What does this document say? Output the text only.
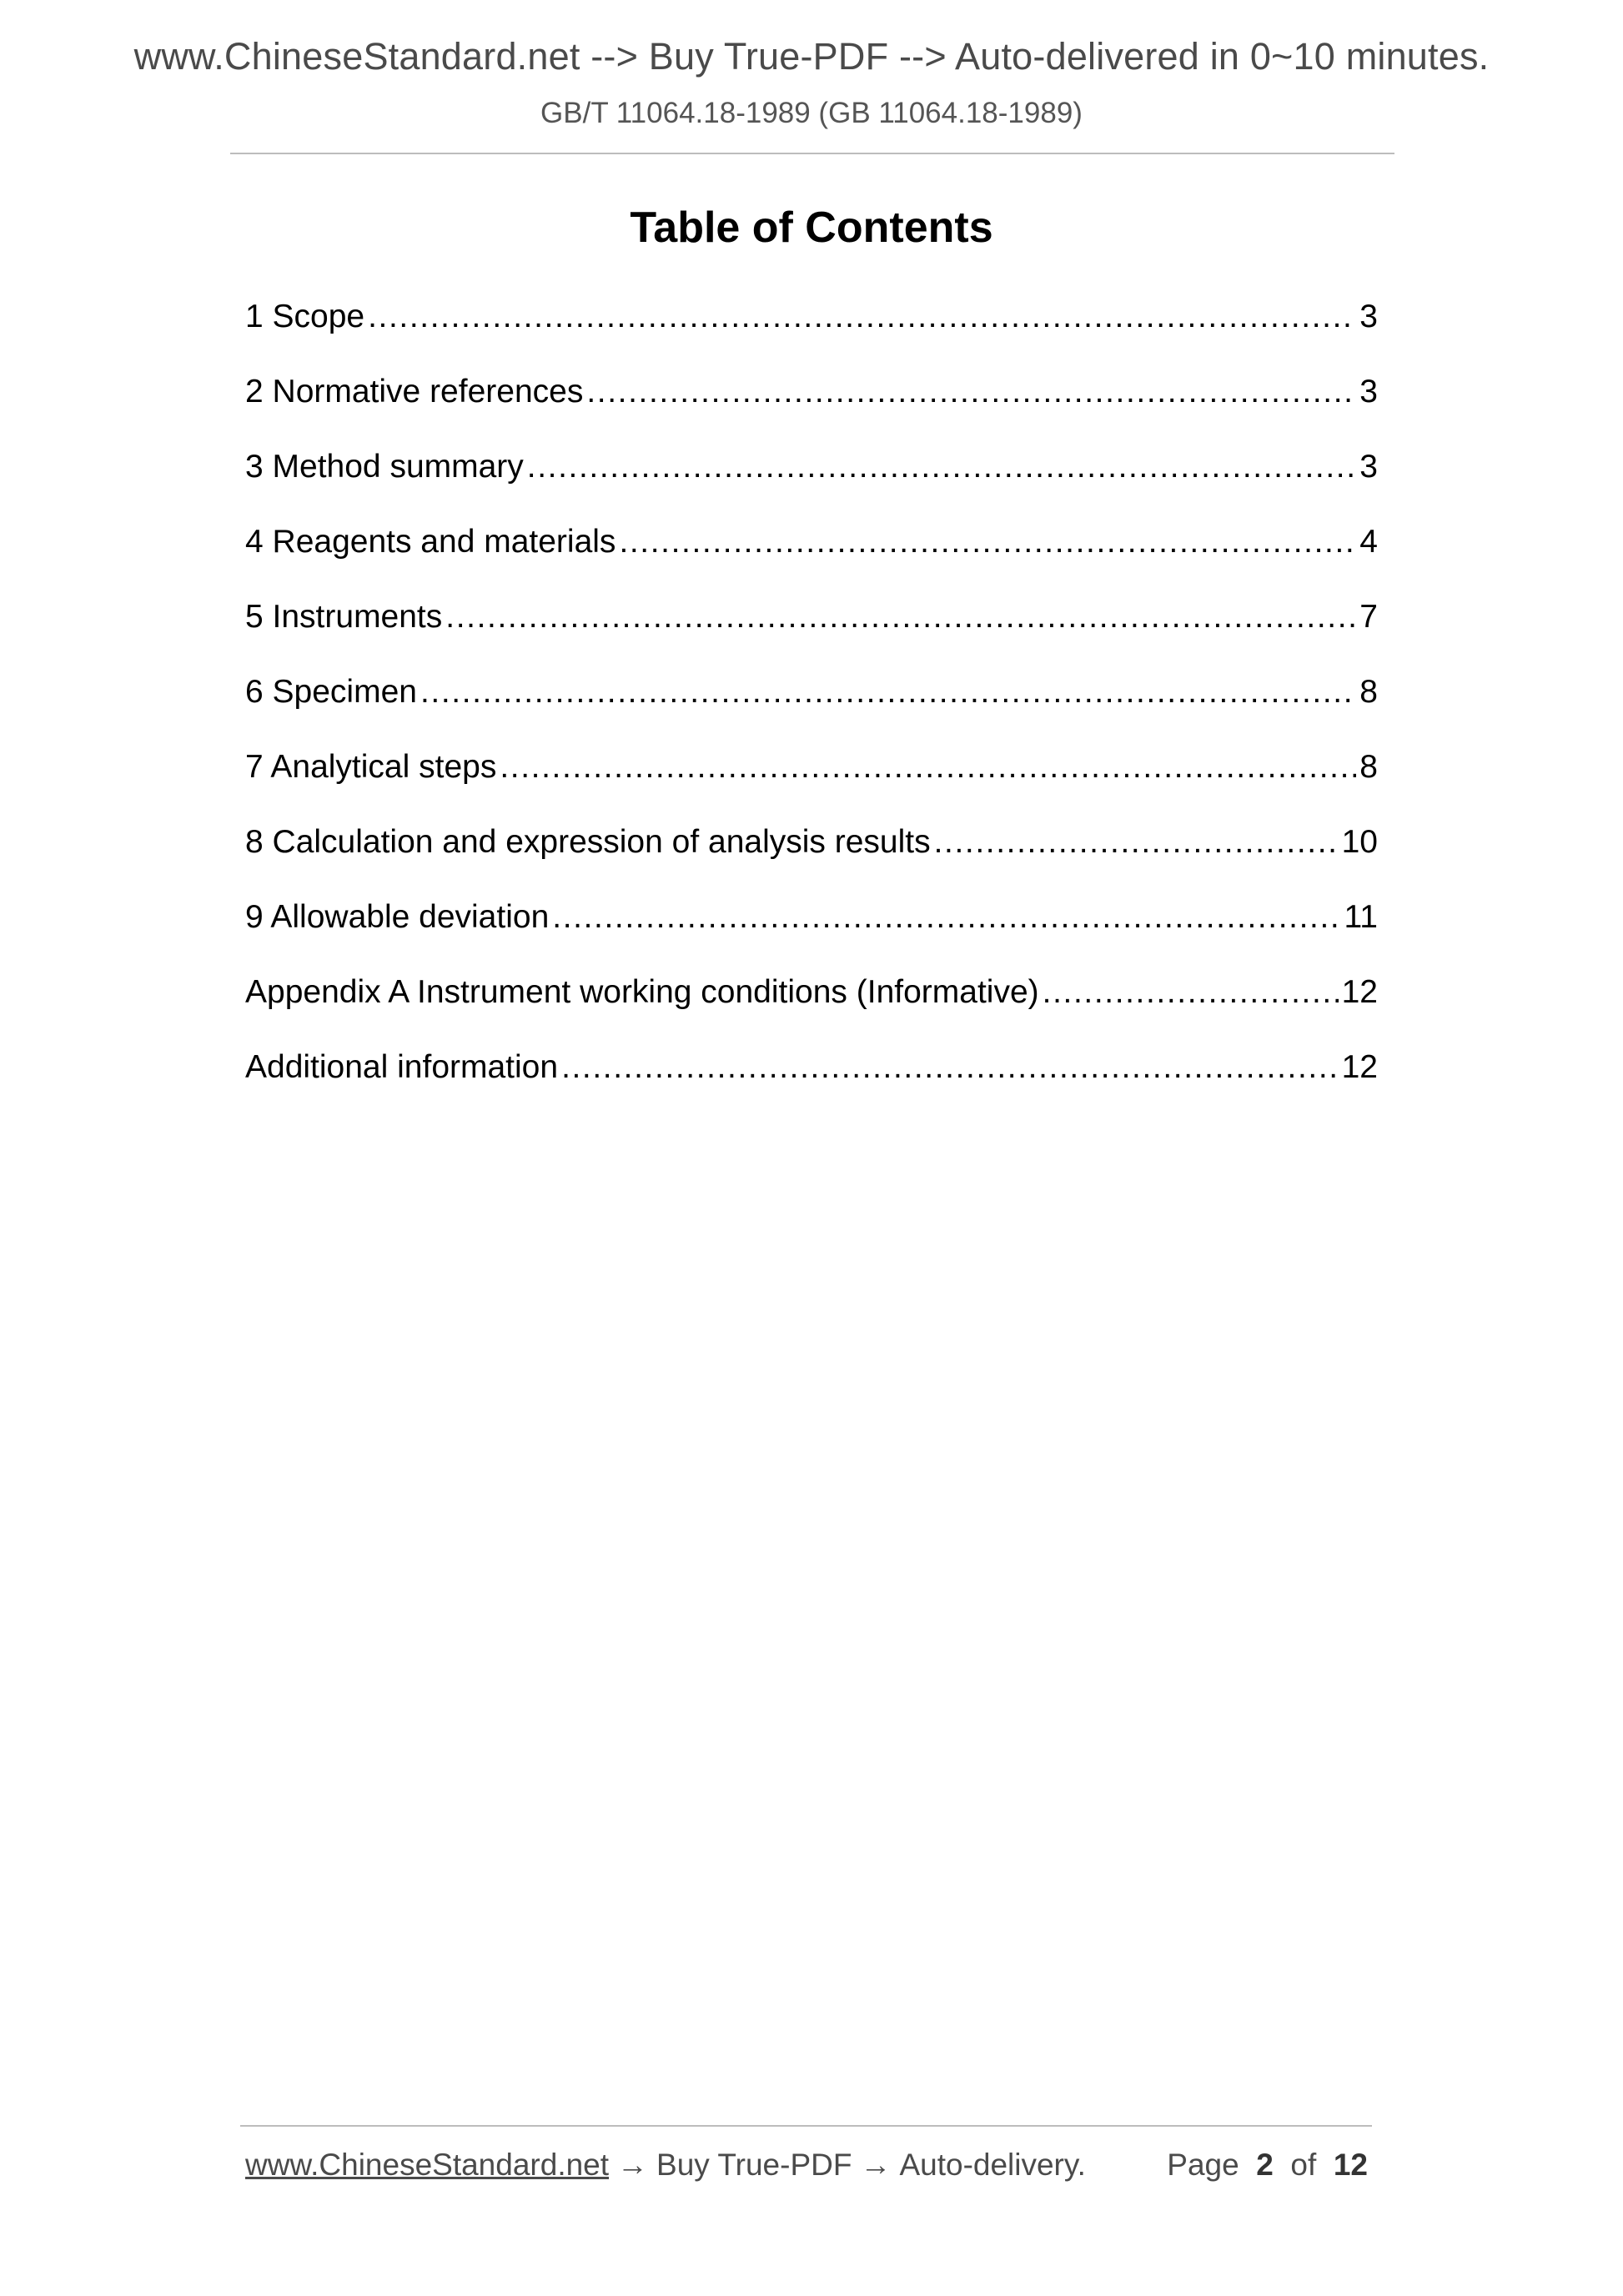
www.ChineseStandard.net --> Buy True-PDF --> Auto-delivered in 0~10 minutes.
GB/T 11064.18-1989 (GB 11064.18-1989)
Table of Contents
1 Scope .....	3
2 Normative references .....	3
3 Method summary .....	3
4 Reagents and materials .....	4
5 Instruments .....	7
6 Specimen .....	8
7 Analytical steps .....	8
8 Calculation and expression of analysis results .....	10
9 Allowable deviation .....	11
Appendix A Instrument working conditions (Informative) .....	12
Additional information .....	12
www.ChineseStandard.net → Buy True-PDF → Auto-delivery.	Page 2 of 12
